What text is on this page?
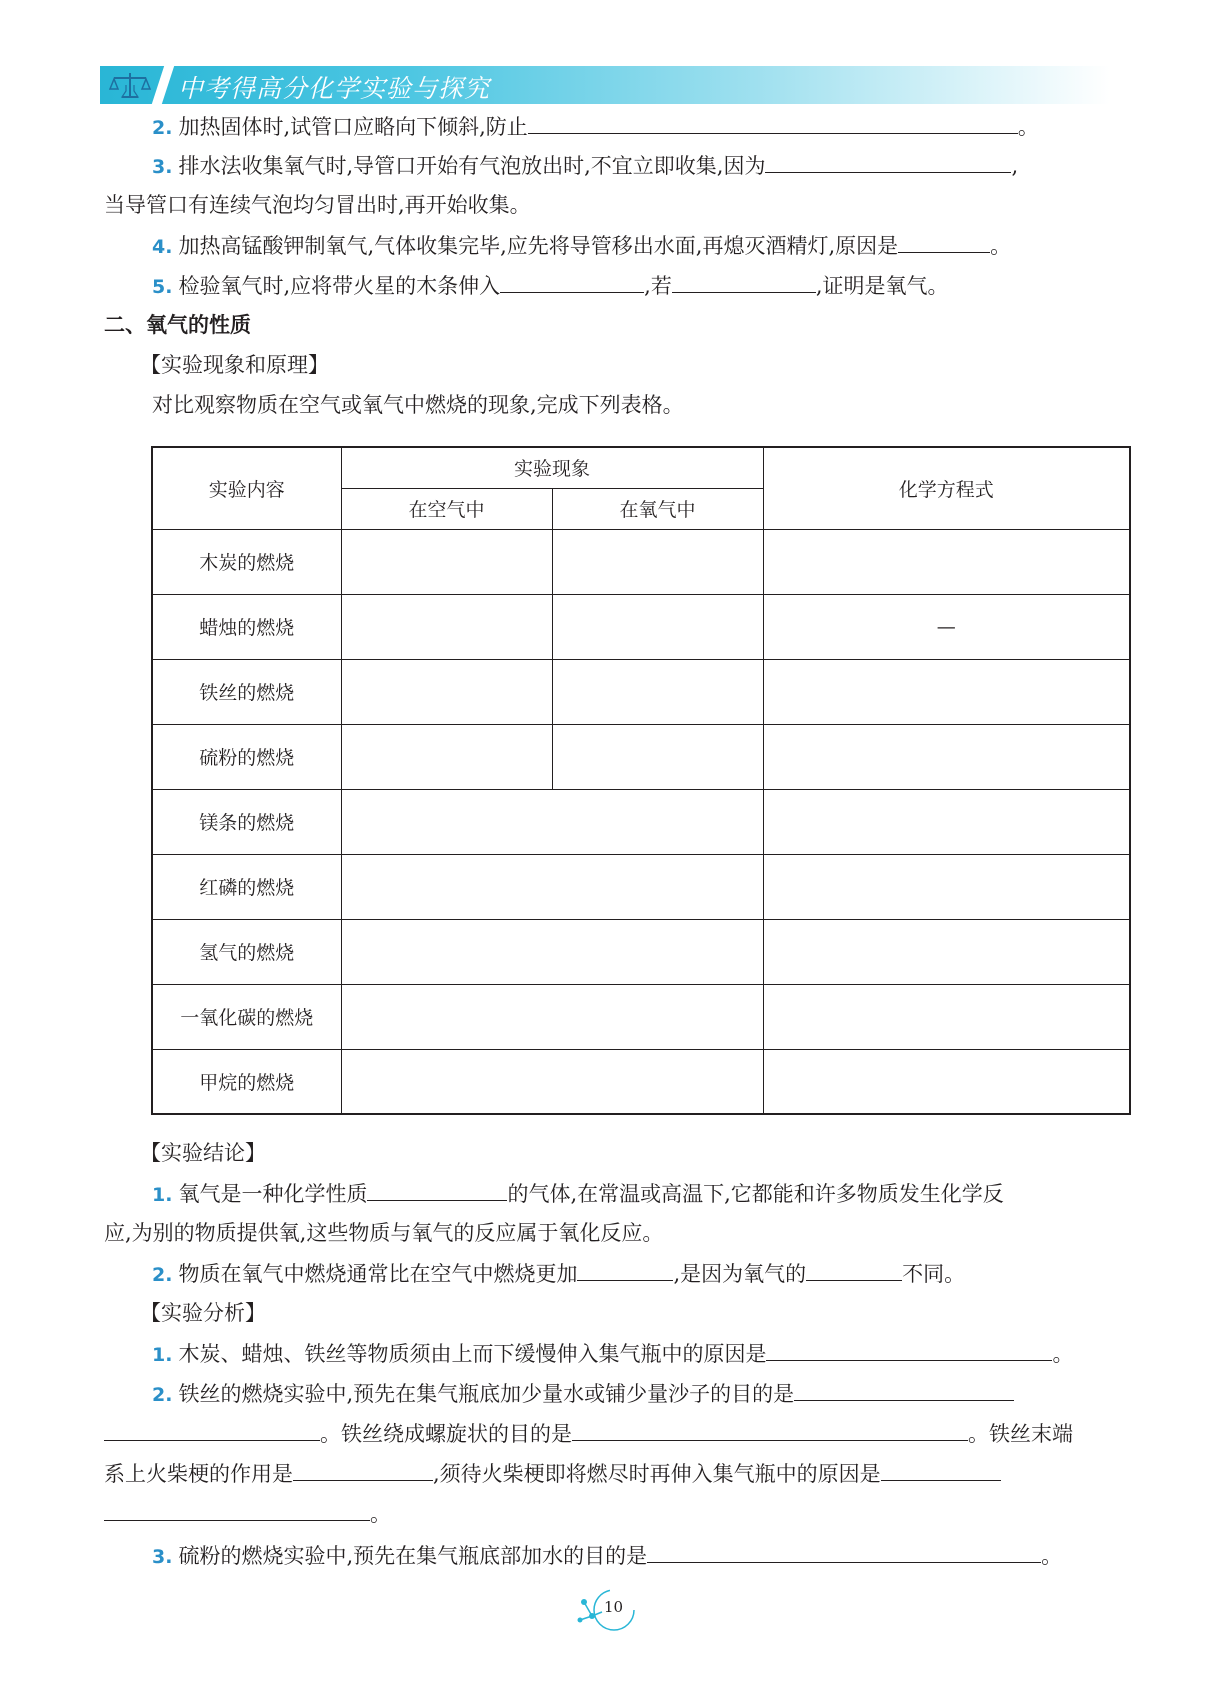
中考得高分化学实验与探究
2. 加热固体时,试管口应略向下倾斜,防止	。
3. 排水法收集氧气时,导管口开始有气泡放出时,不宜立即收集,因为	,
当导管口有连续气泡均匀冒出时,再开始收集。
4. 加热高锰酸钾制氧气,气体收集完毕,应先将导管移出水面,再熄灭酒精灯,原因是	。
5. 检验氧气时,应将带火星的木条伸入	,若	,证明是氧气。
二、氧气的性质
【实验现象和原理】
对比观察物质在空气或氧气中燃烧的现象,完成下列表格。
实验内容	实验现象		化学方程式
	在空气中	在氧气中	
木炭的燃烧			
蜡烛的燃烧			—
铁丝的燃烧			
硫粉的燃烧			
镁条的燃烧			
红磷的燃烧			
氢气的燃烧			
一氧化碳的燃烧			
甲烷的燃烧			
【实验结论】
1. 氧气是一种化学性质	的气体,在常温或高温下,它都能和许多物质发生化学反
应,为别的物质提供氧,这些物质与氧气的反应属于氧化反应。
2. 物质在氧气中燃烧通常比在空气中燃烧更加	,是因为氧气的	不同。
【实验分析】
1. 木炭、蜡烛、铁丝等物质须由上而下缓慢伸入集气瓶中的原因是	。
2. 铁丝的燃烧实验中,预先在集气瓶底加少量水或铺少量沙子的目的是
。铁丝绕成螺旋状的目的是	。铁丝末端
系上火柴梗的作用是	,须待火柴梗即将燃尽时再伸入集气瓶中的原因是
。
3. 硫粉的燃烧实验中,预先在集气瓶底部加水的目的是	。
10
